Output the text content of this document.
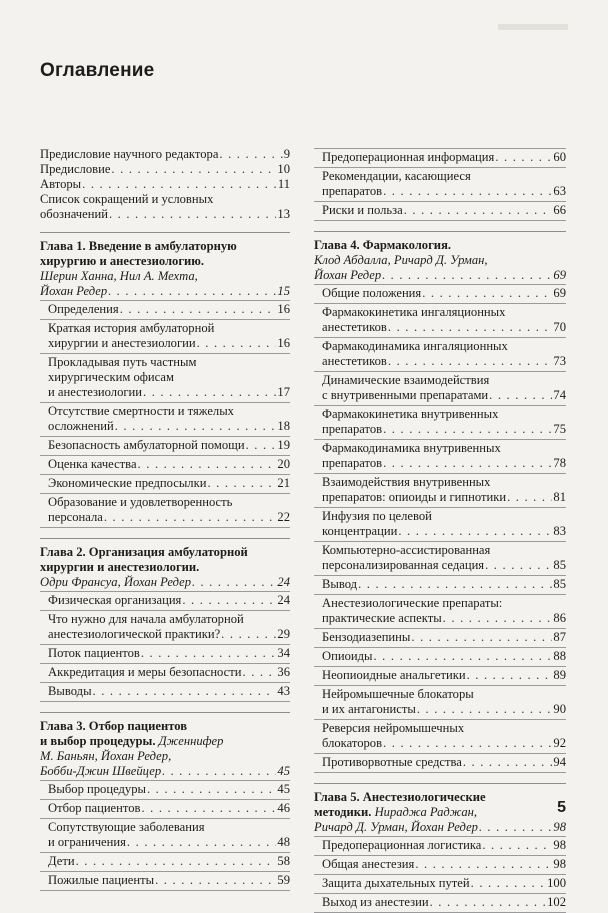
Оглавление
Предисловие научного редактора . . .	9
Предисловие . . .	10
Авторы . . .	11
Список сокращений и условных
обозначений . . .	13
Глава 1. Введение в амбулаторную
хирургию и анестезиологию.
Шерин Ханна, Нил А. Мехта,
Йохан Редер . . .	15
Определения . . .	16
Краткая история амбулаторной
хирургии и анестезиологии . . .	16
Прокладывая путь частным
хирургическим офисам
и анестезиологии . . .	17
Отсутствие смертности и тяжелых
осложнений . . .	18
Безопасность амбулаторной помощи . . .	19
Оценка качества . . .	20
Экономические предпосылки . . .	21
Образование и удовлетворенность
персонала . . .	22
Глава 2. Организация амбулаторной
хирургии и анестезиологии.
Одри Франсуа, Йохан Редер . . .	24
Физическая организация . . .	24
Что нужно для начала амбулаторной
анестезиологической практики? . . .	29
Поток пациентов . . .	34
Аккредитация и меры безопасности . . .	36
Выводы . . .	43
Глава 3. Отбор пациентов
и выбор процедуры. Дженнифер
М. Баньян, Йохан Редер,
Бобби-Джин Швейцер . . .	45
Выбор процедуры . . .	45
Отбор пациентов . . .	46
Сопутствующие заболевания
и ограничения . . .	48
Дети . . .	58
Пожилые пациенты . . .	59
Предоперационная информация . . .	60
Рекомендации, касающиеся
препаратов . . .	63
Риски и польза . . .	66
Глава 4. Фармакология.
Клод Абдалла, Ричард Д. Урман,
Йохан Редер . . .	69
Общие положения . . .	69
Фармакокинетика ингаляционных
анестетиков . . .	70
Фармакодинамика ингаляционных
анестетиков . . .	73
Динамические взаимодействия
с внутривенными препаратами . . .	74
Фармакокинетика внутривенных
препаратов . . .	75
Фармакодинамика внутривенных
препаратов . . .	78
Взаимодействия внутривенных
препаратов: опиоиды и гипнотики . . .	81
Инфузия по целевой
концентрации . . .	83
Компьютерно-ассистированная
персонализированная седация . . .	85
Вывод . . .	85
Анестезиологические препараты:
практические аспекты . . .	86
Бензодиазепины . . .	87
Опиоиды . . .	88
Неопиоидные анальгетики . . .	89
Нейромышечные блокаторы
и их антагонисты . . .	90
Реверсия нейромышечных
блокаторов . . .	92
Противорвотные средства . . .	94
Глава 5. Анестезиологические
методики. Нираджа Раджан,
Ричард Д. Урман, Йохан Редер . . .	98
Предоперационная логистика . . .	98
Общая анестезия . . .	98
Защита дыхательных путей . . .	100
Выход из анестезии . . .	102
5
